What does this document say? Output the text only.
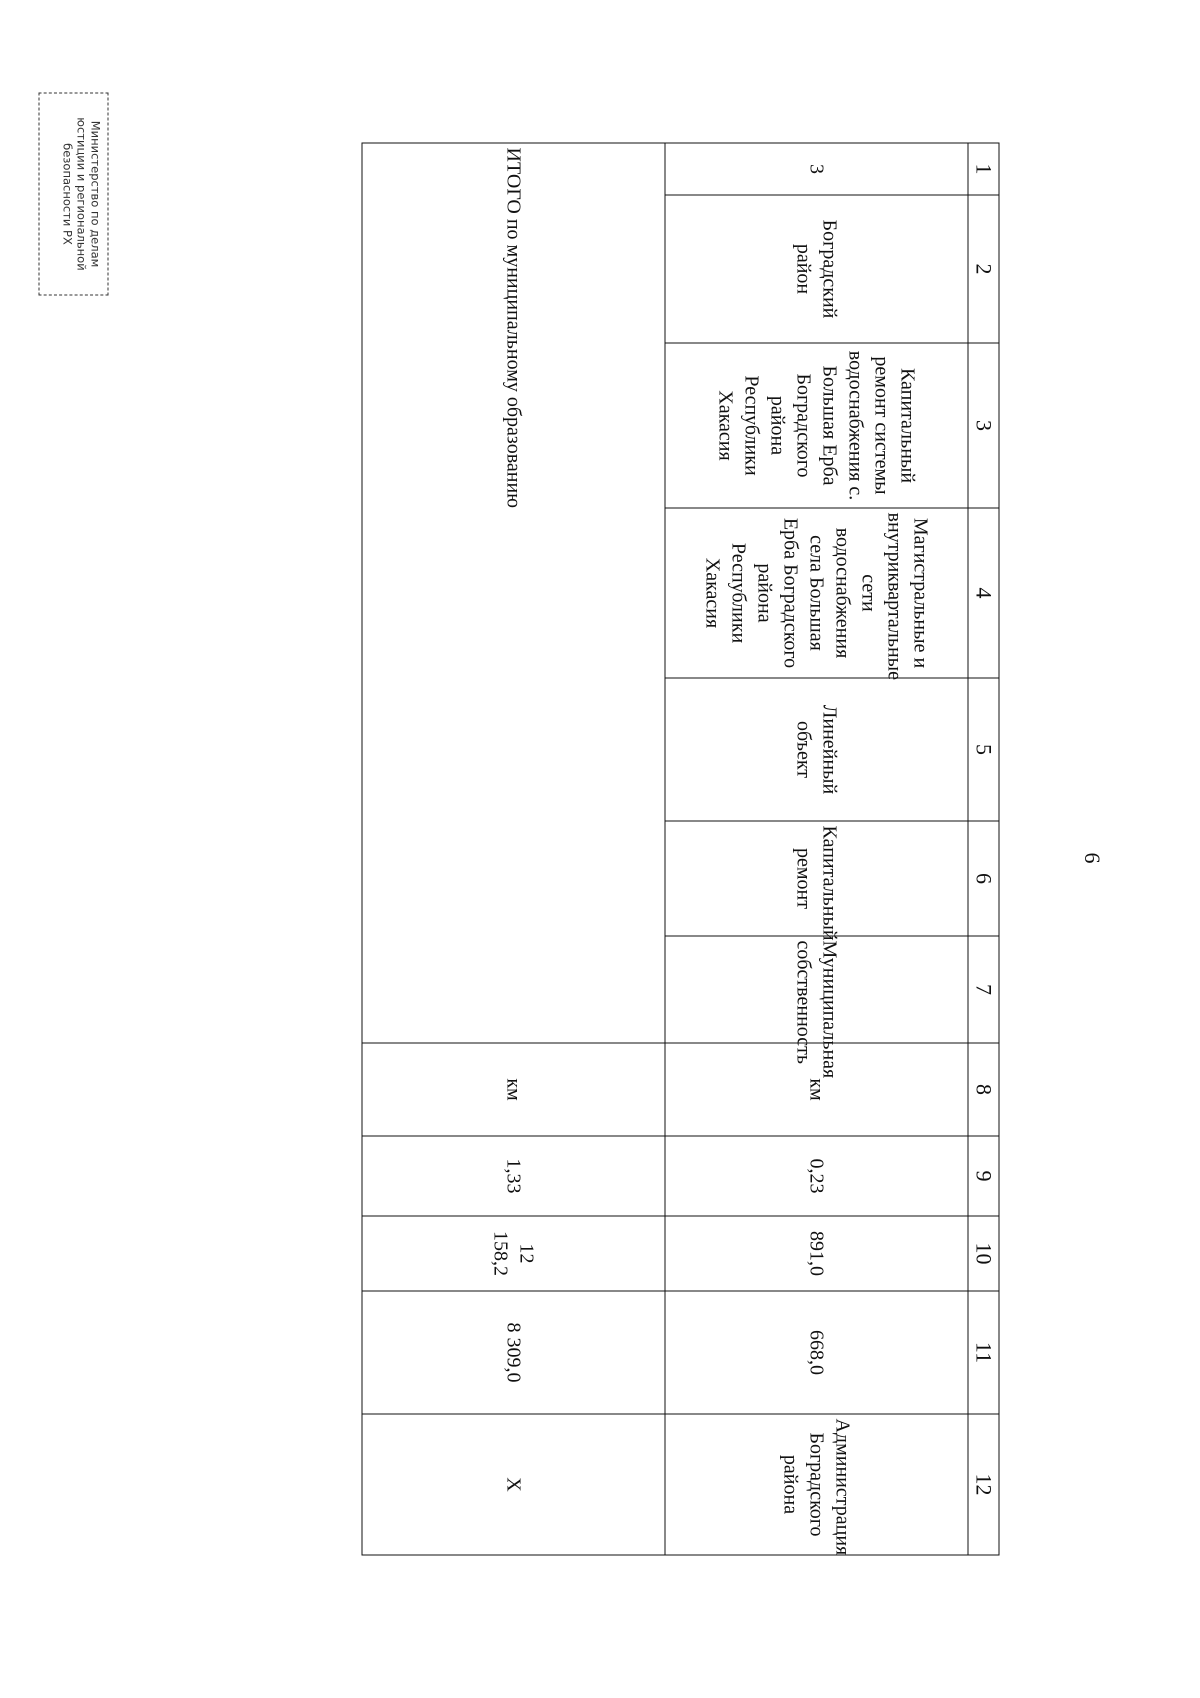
Министерство по делам
юстиции и региональной
безопасности РХ
6
1	2	3	4	5	6	7	8	9	10	11	12
3	Боградский район	Капитальный ремонт системы водоснабжения с. Большая Ерба Боградского района Республики Хакасия	Магистральные и внутриквартальные сети водоснабжения села Большая Ерба Боградского района Республики Хакасия	Линейный объект	Капитальный ремонт	Муниципальная собственность	км	0,23	891,0	668,0	Администрация Боградского района
ИТОГО по муниципальному образованию							км	1,33	12 158,2	8 309,0	Х
